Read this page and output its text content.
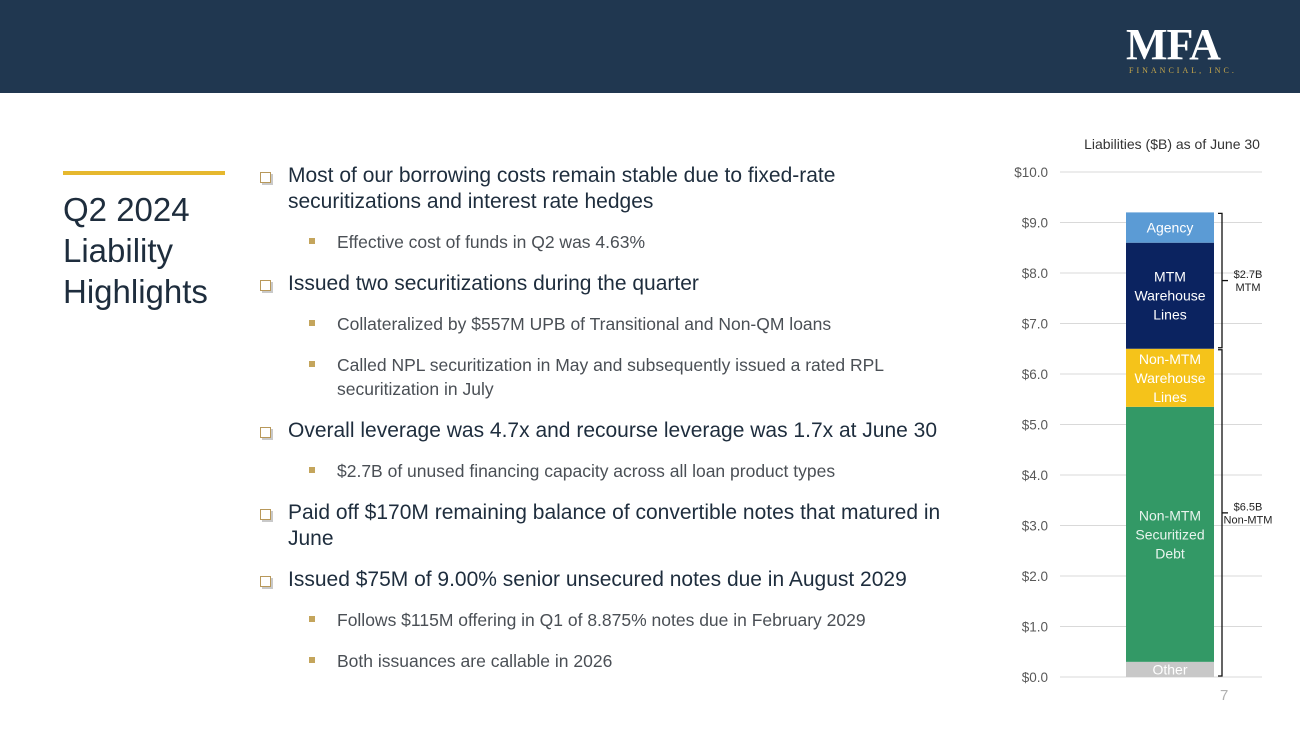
MFA
FINANCIAL, INC.
Q2 2024
Liability
Highlights
Most of our borrowing costs remain stable due to fixed-rate securitizations and interest rate hedges
Effective cost of funds in Q2 was 4.63%
Issued two securitizations during the quarter
Collateralized by $557M UPB of Transitional and Non-QM loans
Called NPL securitization in May and subsequently issued a rated RPL securitization in July
Overall leverage was 4.7x and recourse leverage was 1.7x at June 30
$2.7B of unused financing capacity across all loan product types
Paid off $170M remaining balance of convertible notes that matured in June
Issued $75M of 9.00% senior unsecured notes due in August 2029
Follows $115M offering in Q1 of 8.875% notes due in February 2029
Both issuances are callable in 2026
Liabilities ($B) as of June 30
$0.0
$1.0
$2.0
$3.0
$4.0
$5.0
$6.0
$7.0
$8.0
$9.0
$10.0
Other
Non-MTM Securitized Debt
Non-MTM Warehouse Lines
MTM Warehouse Lines
Agency
$2.7B MTM
$6.5B Non-MTM
7
